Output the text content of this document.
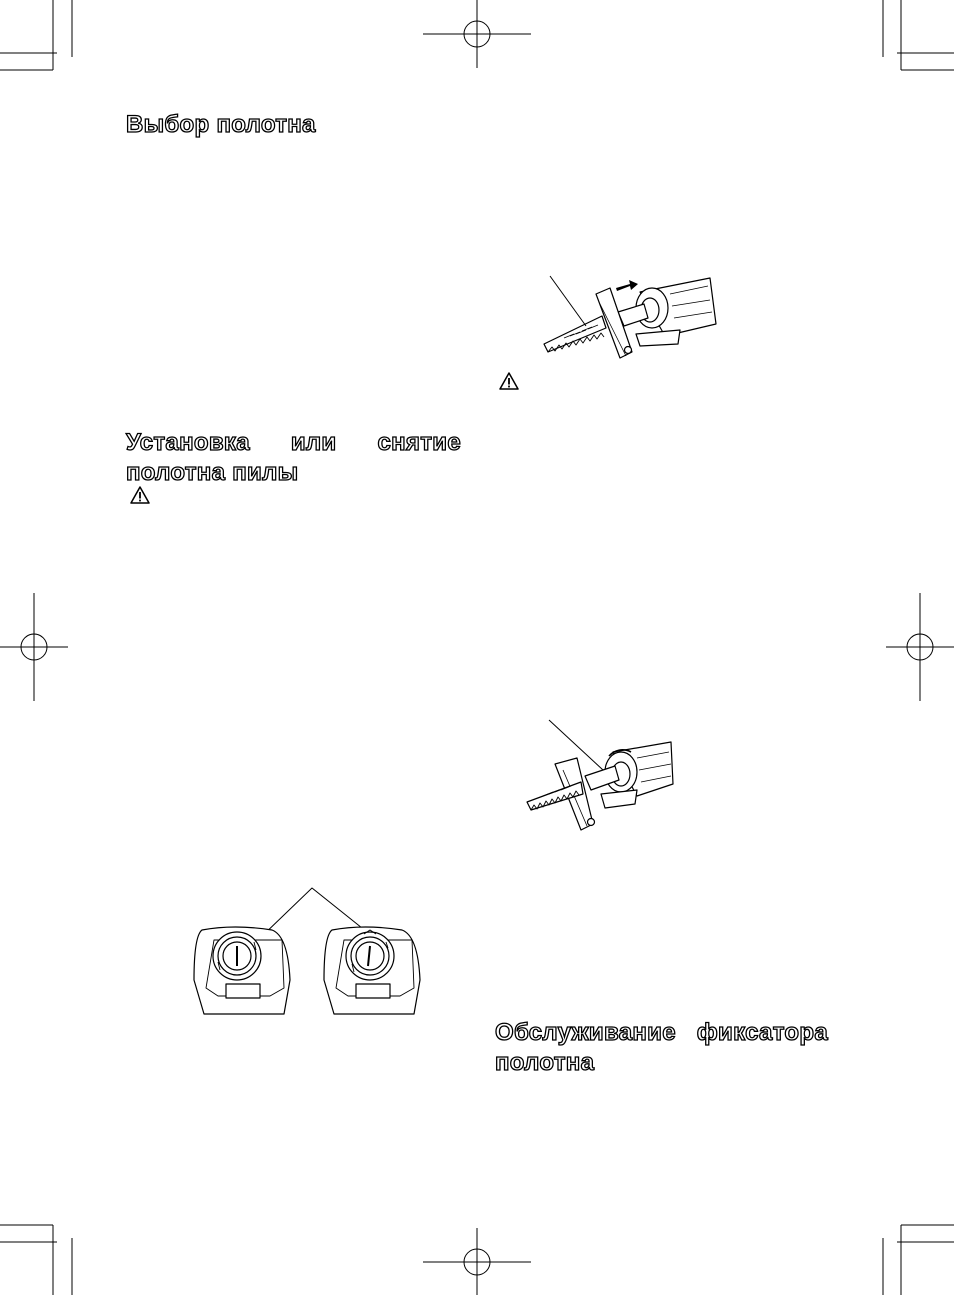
Выбор полотна
Установка или снятие
полотна пилы
Обслуживание фиксатора
полотна
